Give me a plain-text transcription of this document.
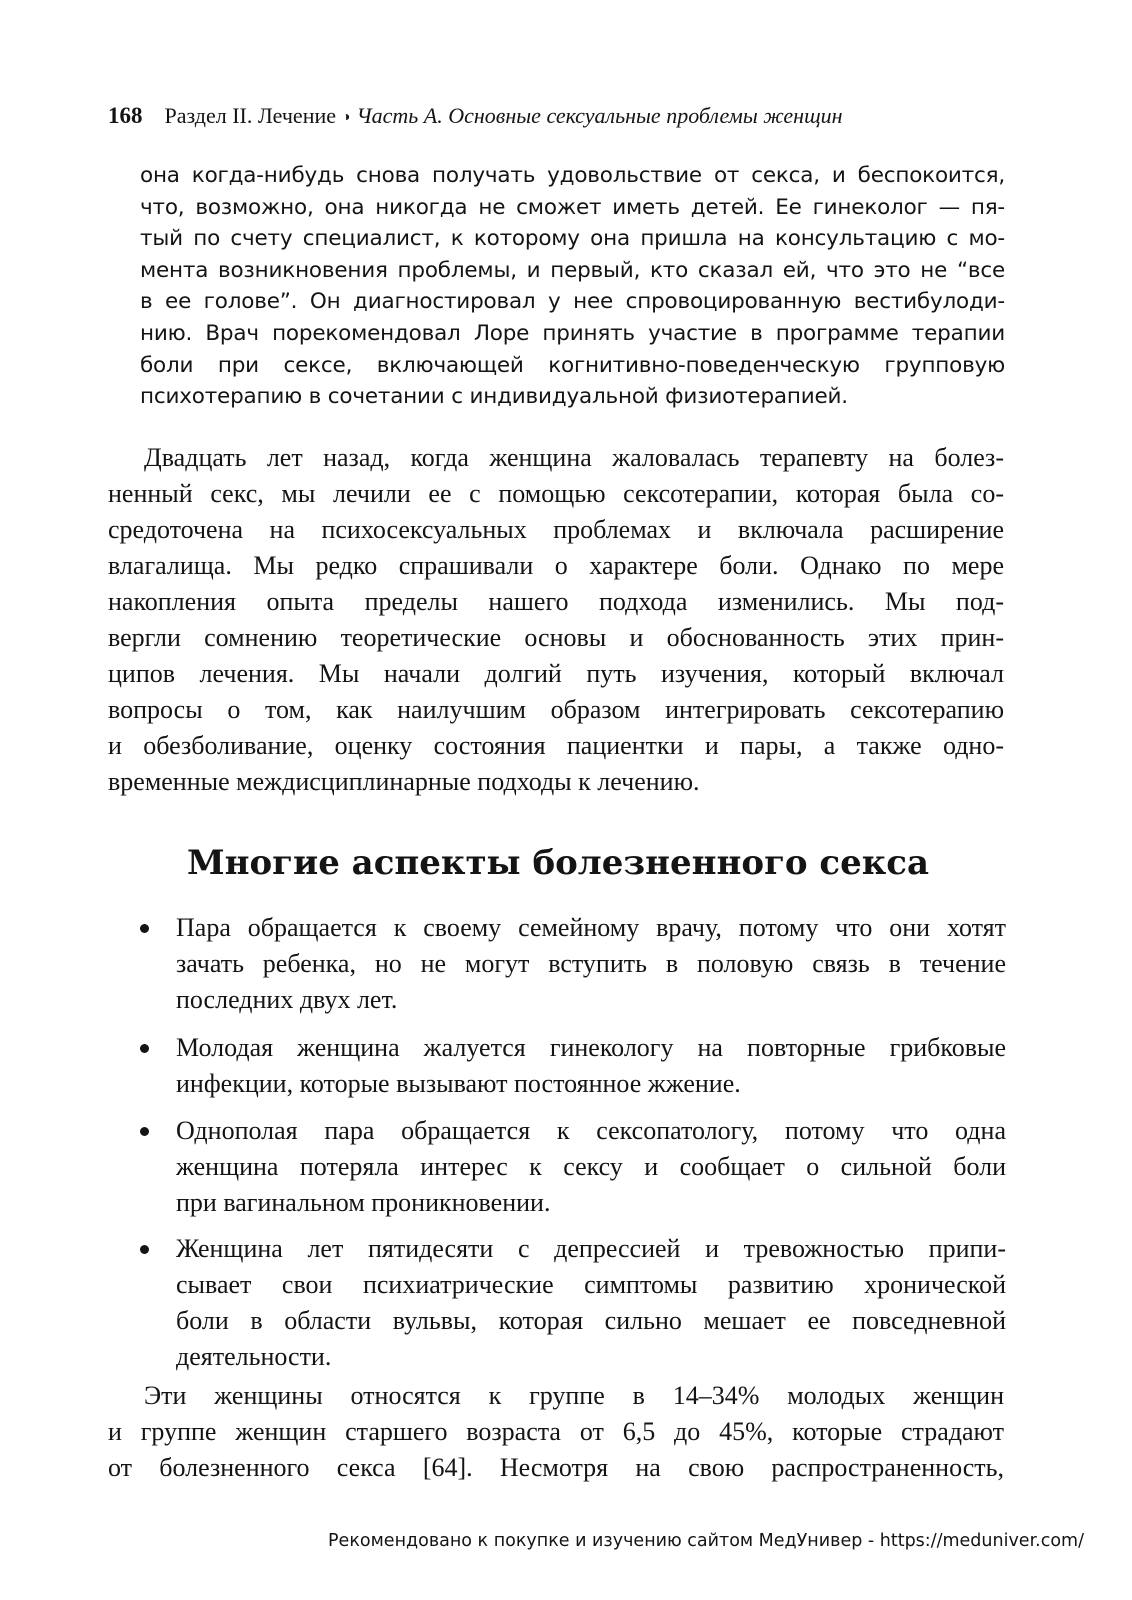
168 Раздел II. Лечение ◑ Часть А. Основные сексуальные проблемы женщин
она когда-нибудь снова получать удовольствие от секса, и беспокоится,
что, возможно, она никогда не сможет иметь детей. Ее гинеколог — пя-
тый по счету специалист, к которому она пришла на консультацию с мо-
мента возникновения проблемы, и первый, кто сказал ей, что это не “все
в ее голове”. Он диагностировал у нее спровоцированную вестибулоди-
нию. Врач порекомендовал Лоре принять участие в программе терапии
боли при сексе, включающей когнитивно-поведенческую групповую
психотерапию в сочетании с индивидуальной физиотерапией.
Двадцать лет назад, когда женщина жаловалась терапевту на болез-
ненный секс, мы лечили ее с помощью сексотерапии, которая была со-
средоточена на психосексуальных проблемах и включала расширение
влагалища. Мы редко спрашивали о характере боли. Однако по мере
накопления опыта пределы нашего подхода изменились. Мы под-
вергли сомнению теоретические основы и обоснованность этих прин-
ципов лечения. Мы начали долгий путь изучения, который включал
вопросы о том, как наилучшим образом интегрировать сексотерапию
и обезболивание, оценку состояния пациентки и пары, а также одно-
временные междисциплинарные подходы к лечению.
Многие аспекты болезненного секса
Пара обращается к своему семейному врачу, потому что они хотят
зачать ребенка, но не могут вступить в половую связь в течение
последних двух лет.
Молодая женщина жалуется гинекологу на повторные грибковые
инфекции, которые вызывают постоянное жжение.
Однополая пара обращается к сексопатологу, потому что одна
женщина потеряла интерес к сексу и сообщает о сильной боли
при вагинальном проникновении.
Женщина лет пятидесяти с депрессией и тревожностью припи-
сывает свои психиатрические симптомы развитию хронической
боли в области вульвы, которая сильно мешает ее повседневной
деятельности.
Эти женщины относятся к группе в 14–34% молодых женщин
и группе женщин старшего возраста от 6,5 до 45%, которые страдают
от болезненного секса [64]. Несмотря на свою распространенность,
Рекомендовано к покупке и изучению сайтом МедУнивер - https://meduniver.com/
